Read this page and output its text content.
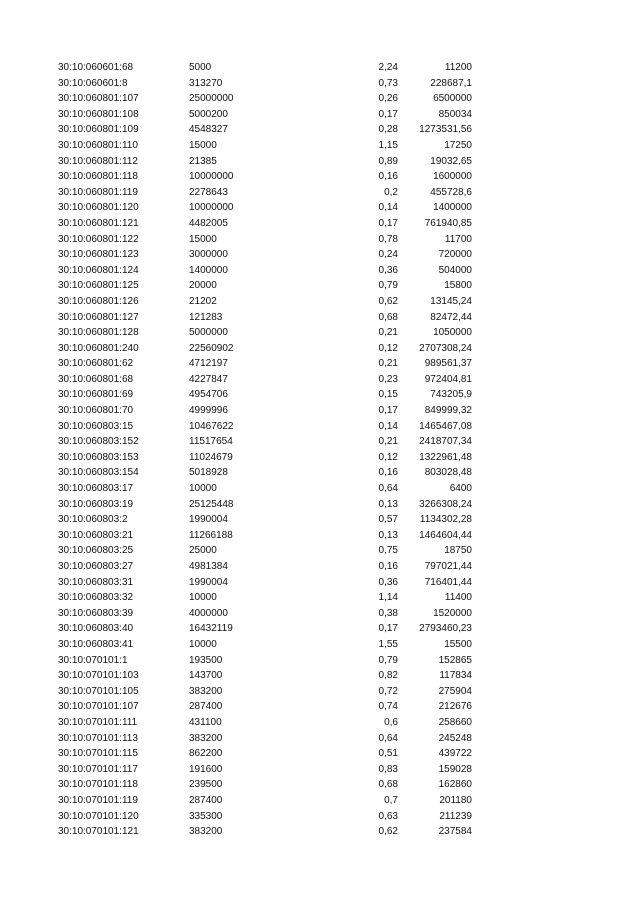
30:10:060601:68	5000	2,24	11200
30:10:060601:8	313270	0,73	228687,1
30:10:060801:107	25000000	0,26	6500000
30:10:060801:108	5000200	0,17	850034
30:10:060801:109	4548327	0,28	1273531,56
30:10:060801:110	15000	1,15	17250
30:10:060801:112	21385	0,89	19032,65
30:10:060801:118	10000000	0,16	1600000
30:10:060801:119	2278643	0,2	455728,6
30:10:060801:120	10000000	0,14	1400000
30:10:060801:121	4482005	0,17	761940,85
30:10:060801:122	15000	0,78	11700
30:10:060801:123	3000000	0,24	720000
30:10:060801:124	1400000	0,36	504000
30:10:060801:125	20000	0,79	15800
30:10:060801:126	21202	0,62	13145,24
30:10:060801:127	121283	0,68	82472,44
30:10:060801:128	5000000	0,21	1050000
30:10:060801:240	22560902	0,12	2707308,24
30:10:060801:62	4712197	0,21	989561,37
30:10:060801:68	4227847	0,23	972404,81
30:10:060801:69	4954706	0,15	743205,9
30:10:060801:70	4999996	0,17	849999,32
30:10:060803:15	10467622	0,14	1465467,08
30:10:060803:152	11517654	0,21	2418707,34
30:10:060803:153	11024679	0,12	1322961,48
30:10:060803:154	5018928	0,16	803028,48
30:10:060803:17	10000	0,64	6400
30:10:060803:19	25125448	0,13	3266308,24
30:10:060803:2	1990004	0,57	1134302,28
30:10:060803:21	11266188	0,13	1464604,44
30:10:060803:25	25000	0,75	18750
30:10:060803:27	4981384	0,16	797021,44
30:10:060803:31	1990004	0,36	716401,44
30:10:060803:32	10000	1,14	11400
30:10:060803:39	4000000	0,38	1520000
30:10:060803:40	16432119	0,17	2793460,23
30:10:060803:41	10000	1,55	15500
30:10:070101:1	193500	0,79	152865
30:10:070101:103	143700	0,82	117834
30:10:070101:105	383200	0,72	275904
30:10:070101:107	287400	0,74	212676
30:10:070101:111	431100	0,6	258660
30:10:070101:113	383200	0,64	245248
30:10:070101:115	862200	0,51	439722
30:10:070101:117	191600	0,83	159028
30:10:070101:118	239500	0,68	162860
30:10:070101:119	287400	0,7	201180
30:10:070101:120	335300	0,63	211239
30:10:070101:121	383200	0,62	237584
